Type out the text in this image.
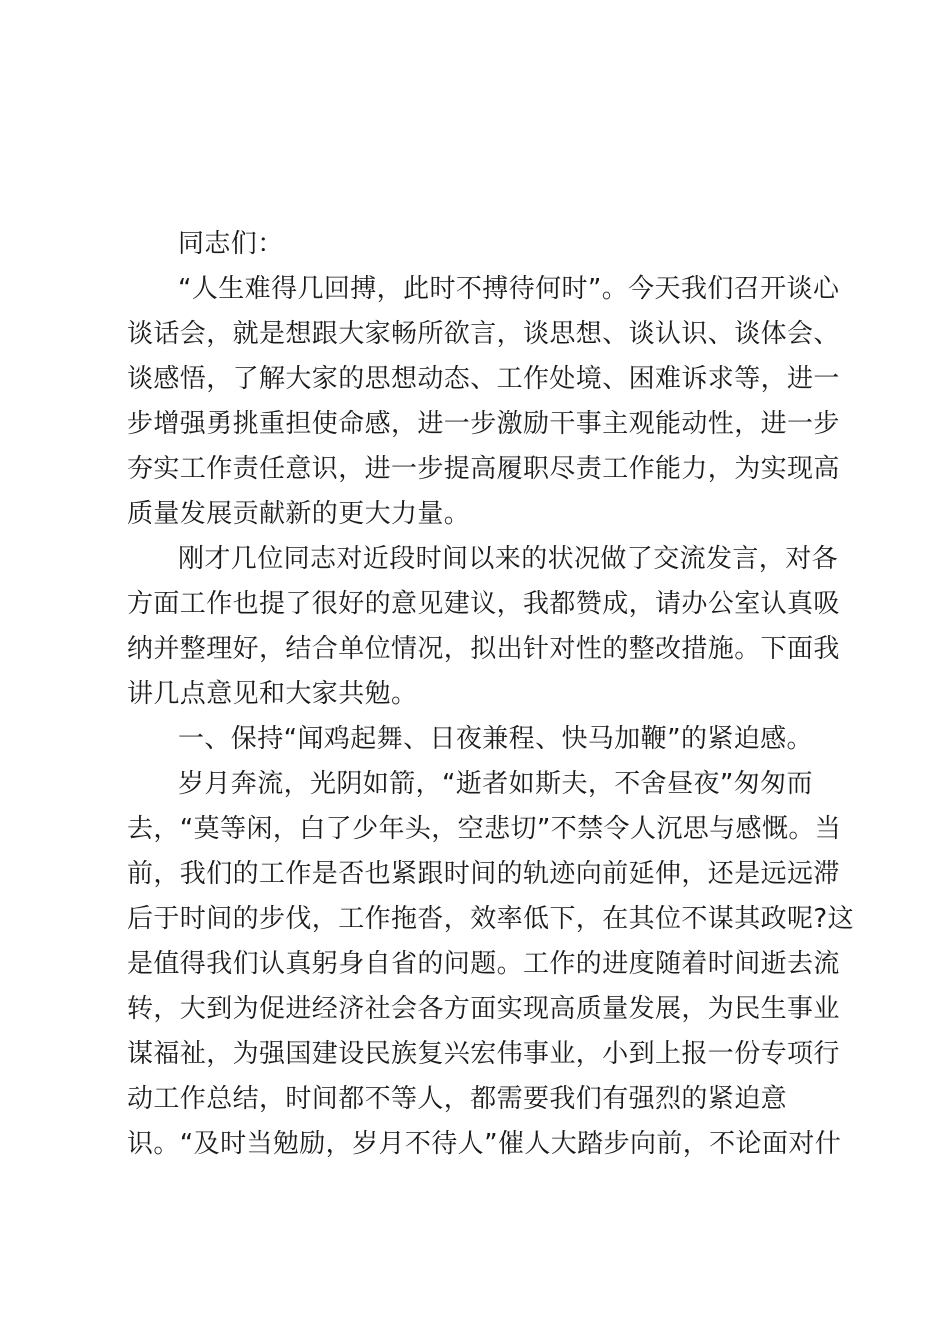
同志们：
“人生难得几回搏，此时不搏待何时”。今天我们召开谈心
谈话会，就是想跟大家畅所欲言，谈思想、谈认识、谈体会、
谈感悟，了解大家的思想动态、工作处境、困难诉求等，进一
步增强勇挑重担使命感，进一步激励干事主观能动性，进一步
夯实工作责任意识，进一步提高履职尽责工作能力，为实现高
质量发展贡献新的更大力量。
刚才几位同志对近段时间以来的状况做了交流发言，对各
方面工作也提了很好的意见建议，我都赞成，请办公室认真吸
纳并整理好，结合单位情况，拟出针对性的整改措施。下面我
讲几点意见和大家共勉。
一、保持“闻鸡起舞、日夜兼程、快马加鞭”的紧迫感。
岁月奔流，光阴如箭，“逝者如斯夫，不舍昼夜”匆匆而
去，“莫等闲，白了少年头，空悲切”不禁令人沉思与感慨。当
前，我们的工作是否也紧跟时间的轨迹向前延伸，还是远远滞
后于时间的步伐，工作拖沓，效率低下，在其位不谋其政呢?这
是值得我们认真躬身自省的问题。工作的进度随着时间逝去流
转，大到为促进经济社会各方面实现高质量发展，为民生事业
谋福祉，为强国建设民族复兴宏伟事业，小到上报一份专项行
动工作总结，时间都不等人，都需要我们有强烈的紧迫意
识。“及时当勉励，岁月不待人”催人大踏步向前，不论面对什
